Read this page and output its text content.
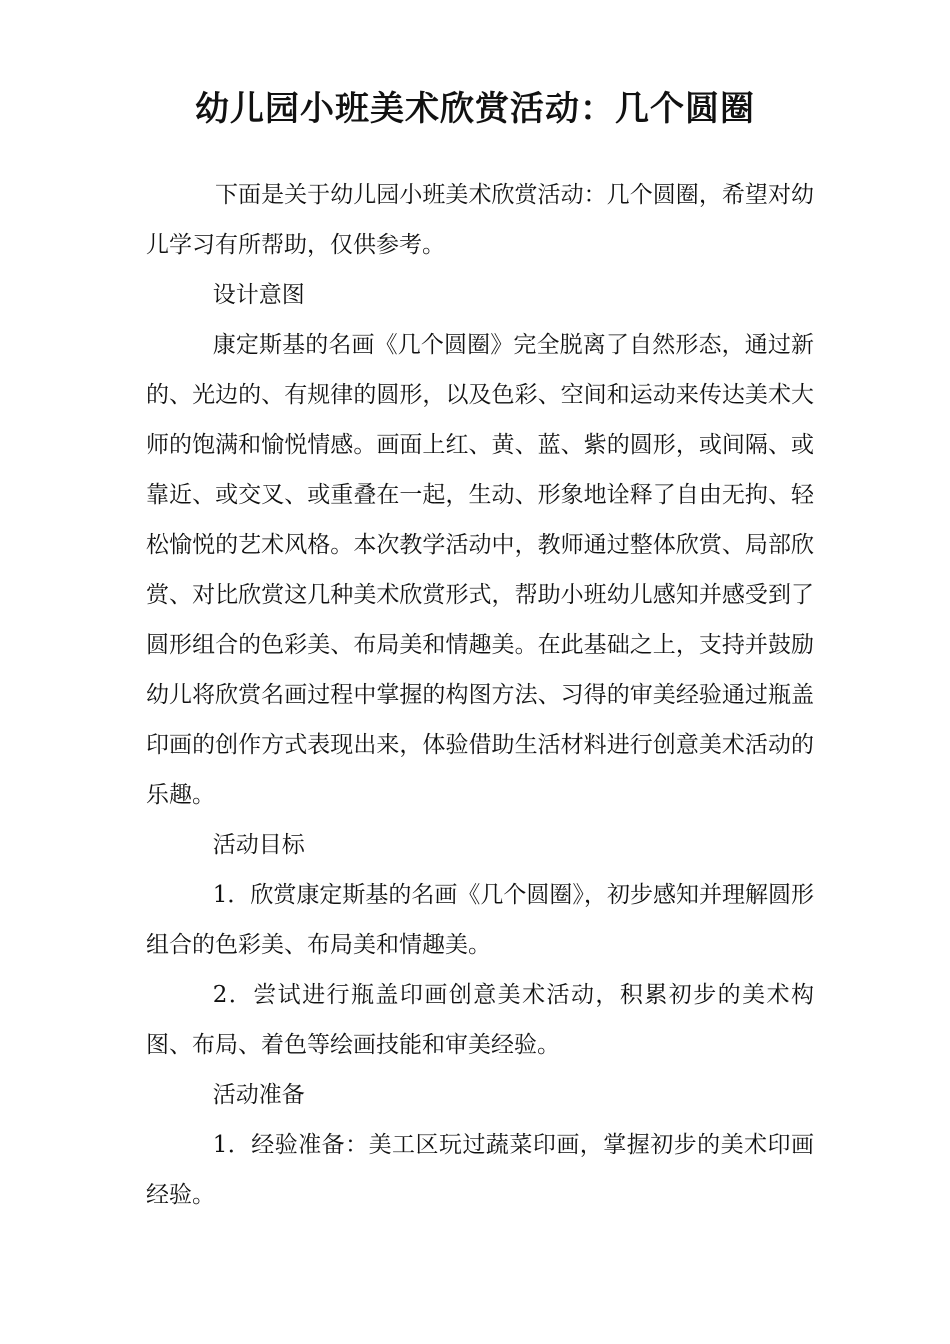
幼儿园小班美术欣赏活动：几个圆圈

下面是关于幼儿园小班美术欣赏活动：几个圆圈，希望对幼儿学习有所帮助，仅供参考。

设计意图

康定斯基的名画《几个圆圈》完全脱离了自然形态，通过新的、光边的、有规律的圆形，以及色彩、空间和运动来传达美术大师的饱满和愉悦情感。画面上红、黄、蓝、紫的圆形，或间隔、或靠近、或交叉、或重叠在一起，生动、形象地诠释了自由无拘、轻松愉悦的艺术风格。本次教学活动中，教师通过整体欣赏、局部欣赏、对比欣赏这几种美术欣赏形式，帮助小班幼儿感知并感受到了圆形组合的色彩美、布局美和情趣美。在此基础之上，支持并鼓励幼儿将欣赏名画过程中掌握的构图方法、习得的审美经验通过瓶盖印画的创作方式表现出来，体验借助生活材料进行创意美术活动的乐趣。

活动目标

1．欣赏康定斯基的名画《几个圆圈》，初步感知并理解圆形组合的色彩美、布局美和情趣美。

2．尝试进行瓶盖印画创意美术活动，积累初步的美术构图、布局、着色等绘画技能和审美经验。

活动准备

1．经验准备：美工区玩过蔬菜印画，掌握初步的美术印画经验。
